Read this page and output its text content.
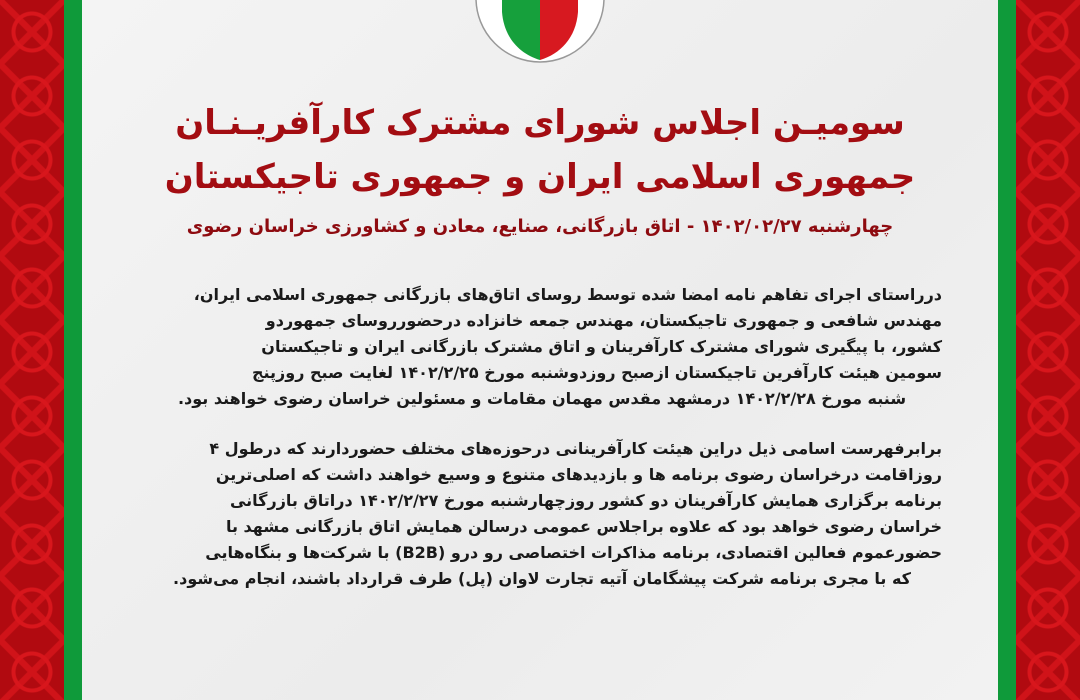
سومیـن اجلاس شورای مشترک کارآفریـنـان
جمهوری اسلامی ایران و جمهوری تاجیکستان
چهارشنبه ۱۴۰۲/۰۲/۲۷ - اتاق بازرگانی، صنایع، معادن و کشاورزی خراسان رضوی
درراستای اجرای تفاهم نامه امضا شده توسط روسای اتاق‌های بازرگانی جمهوری اسلامی ایران،
مهندس شافعی و جمهوری تاجیکستان، مهندس جمعه خانزاده درحضورروسای جمهوردو
کشور، با پیگیری شورای مشترک کارآفرینان و اتاق مشترک بازرگانی ایران و تاجیکستان
سومین هیئت کارآفرین تاجیکستان ازصبح روزدوشنبه مورخ ۱۴۰۲/۲/۲۵ لغایت صبح روزپنج
شنبه مورخ ۱۴۰۲/۲/۲۸ درمشهد مقدس مهمان مقامات و مسئولین خراسان رضوی خواهند بود.
برابرفهرست اسامی ذیل دراین هیئت کارآفرینانی درحوزه‌های مختلف حضوردارند که درطول ۴
روزاقامت درخراسان رضوی برنامه ها و بازدیدهای متنوع و وسیع خواهند داشت که اصلی‌ترین
برنامه برگزاری همایش کارآفرینان دو کشور روزچهارشنبه مورخ ۱۴۰۲/۲/۲۷ دراتاق بازرگانی
خراسان رضوی خواهد بود که علاوه براجلاس عمومی درسالن همایش اتاق بازرگانی مشهد با
حضورعموم فعالین اقتصادی، برنامه مذاکرات اختصاصی رو درو (B2B) با شرکت‌ها و بنگاه‌هایی
که با مجری برنامه شرکت پیشگامان آتیه تجارت لاوان (پل) طرف قرارداد باشند، انجام می‌شود.
